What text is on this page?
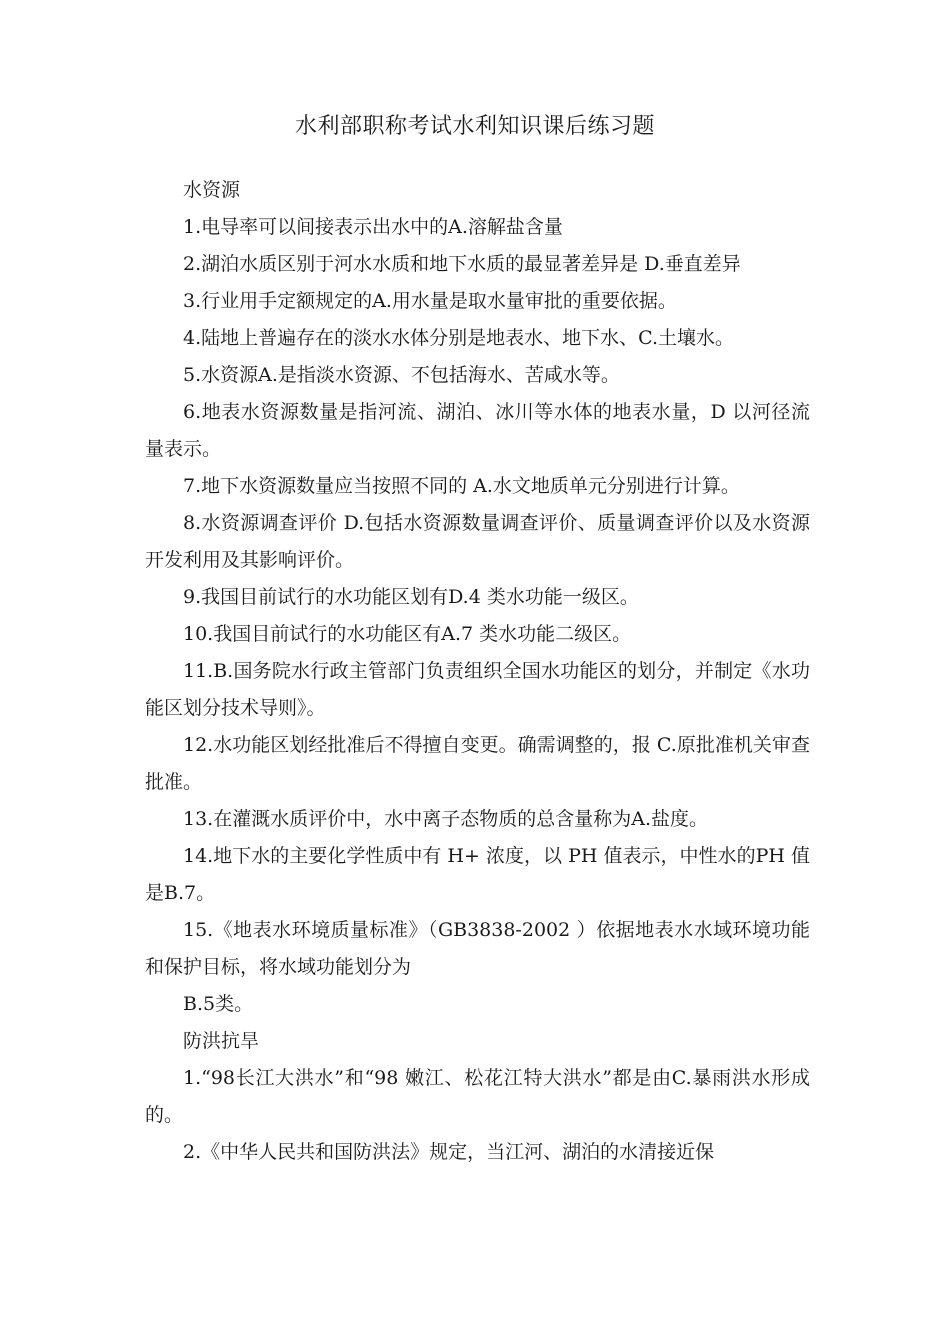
水利部职称考试水利知识课后练习题

水资源

1.电导率可以间接表示出水中的A.溶解盐含量

2.湖泊水质区别于河水水质和地下水质的最显著差异是 D.垂直差异

3.行业用手定额规定的A.用水量是取水量审批的重要依据。

4.陆地上普遍存在的淡水水体分别是地表水、地下水、C.土壤水。

5.水资源A.是指淡水资源、不包括海水、苦咸水等。

6.地表水资源数量是指河流、湖泊、冰川等水体的地表水量，D 以河径流量表示。

7.地下水资源数量应当按照不同的 A.水文地质单元分别进行计算。

8.水资源调查评价 D.包括水资源数量调查评价、质量调查评价以及水资源开发利用及其影响评价。

9.我国目前试行的水功能区划有D.4 类水功能一级区。

10.我国目前试行的水功能区有A.7 类水功能二级区。

11.B.国务院水行政主管部门负责组织全国水功能区的划分，并制定《水功能区划分技术导则》。

12.水功能区划经批准后不得擅自变更。确需调整的，报 C.原批准机关审查批准。

13.在灌溉水质评价中，水中离子态物质的总含量称为A.盐度。

14.地下水的主要化学性质中有 H+ 浓度，以 PH 值表示，中性水的PH 值是B.7。

15.《地表水环境质量标准》（GB3838-2002 ）依据地表水水域环境功能和保护目标，将水域功能划分为

B.5类。

防洪抗旱

1.“98长江大洪水”和“98 嫩江、松花江特大洪水”都是由C.暴雨洪水形成的。

2.《中华人民共和国防洪法》规定，当江河、湖泊的水清接近保
